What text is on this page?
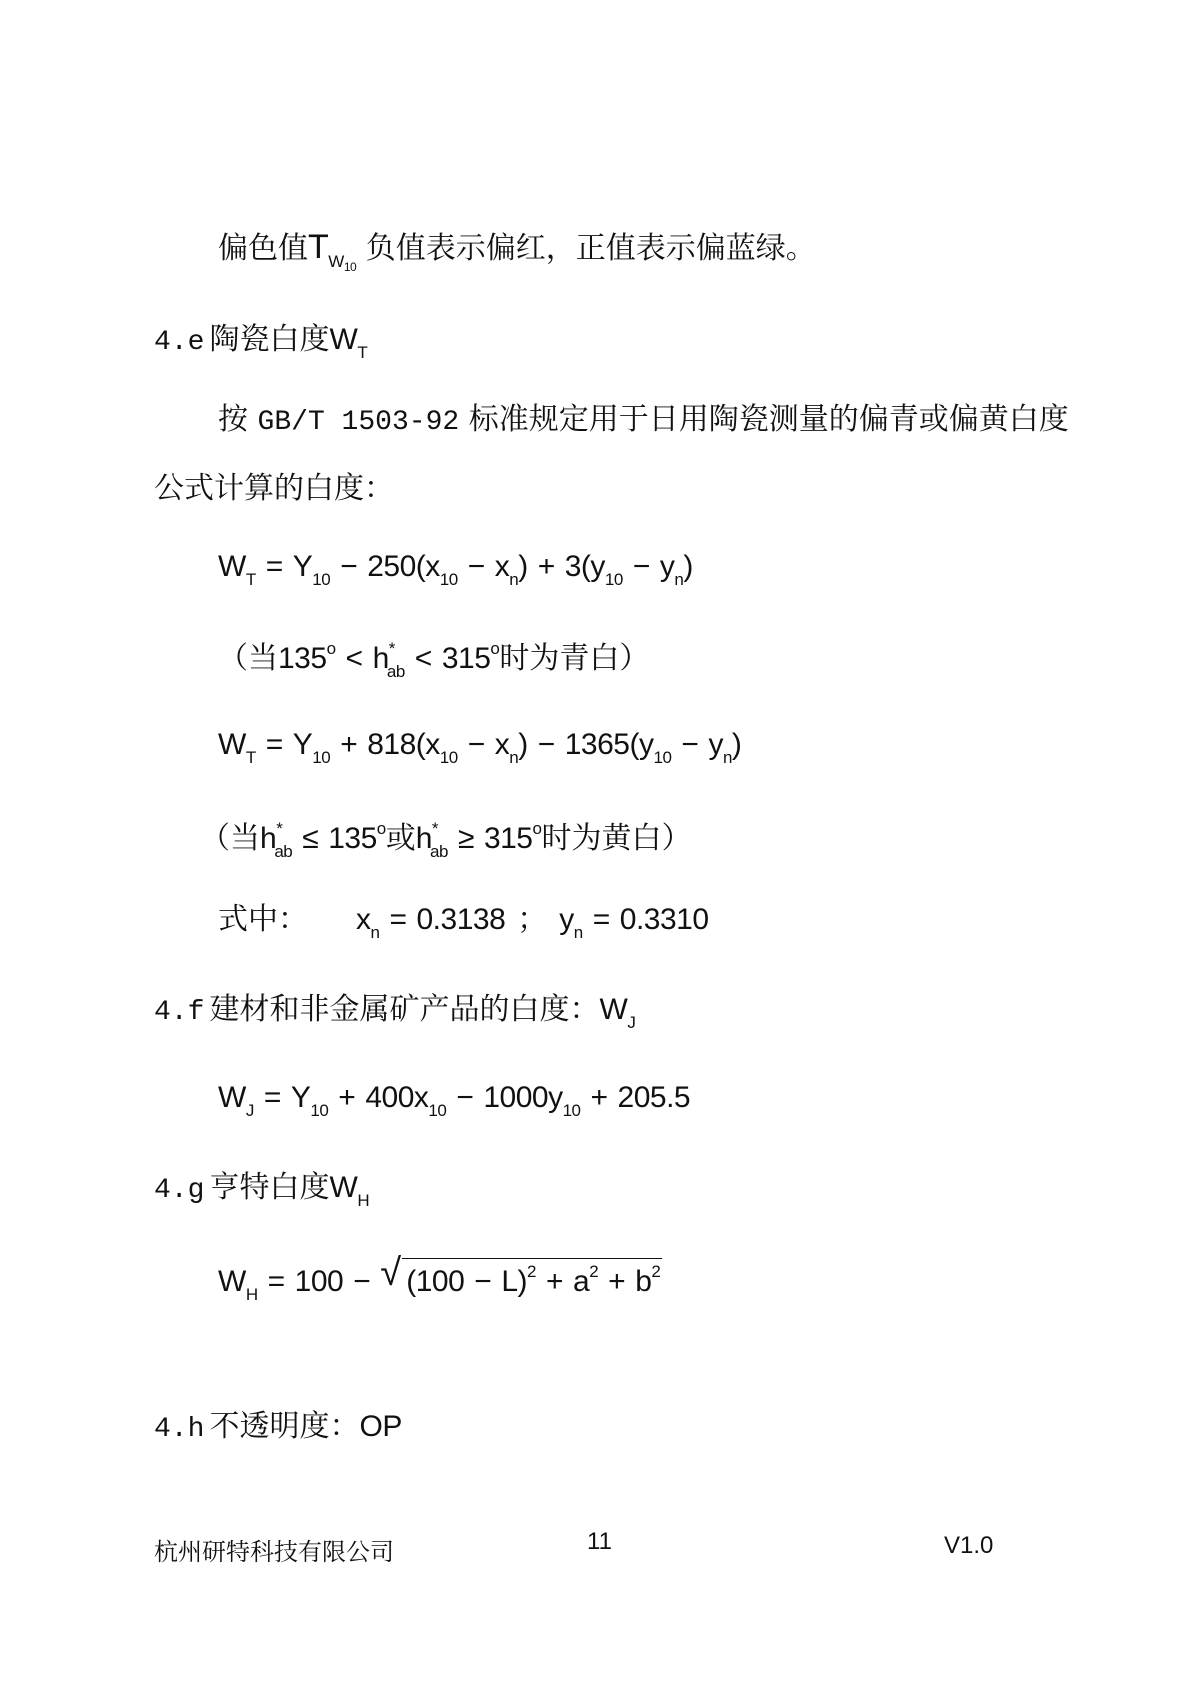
偏色值$T_{W_{10}}$ 负值表示偏红，正值表示偏蓝绿。
4.e 陶瓷白度$W_T$
按 GB/T 1503-92 标准规定用于日用陶瓷测量的偏青或偏黄白度
公式计算的白度：
$W_T = Y_{10} - 250(x_{10} - x_n) + 3(y_{10} - y_n)$
（当$135^o < h^*_{ab} < 315^o$时为青白）
$W_T = Y_{10} + 818(x_{10} - x_n) - 1365(y_{10} - y_n)$
（当$h^*_{ab} \le 135^o$或$h^*_{ab} \ge 315^o$时为黄白）
式中： $x_n = 0.3138$ ； $y_n = 0.3310$
4.f 建材和非金属矿产品的白度：$W_J$
$W_J = Y_{10} + 400x_{10} - 1000y_{10} + 205.5$
4.g 亨特白度$W_H$
$W_H = 100$ − √ $(100 - L)^2 + a^2 + b^2$
4.h 不透明度：OP
杭州研特科技有限公司	11	V1.0
